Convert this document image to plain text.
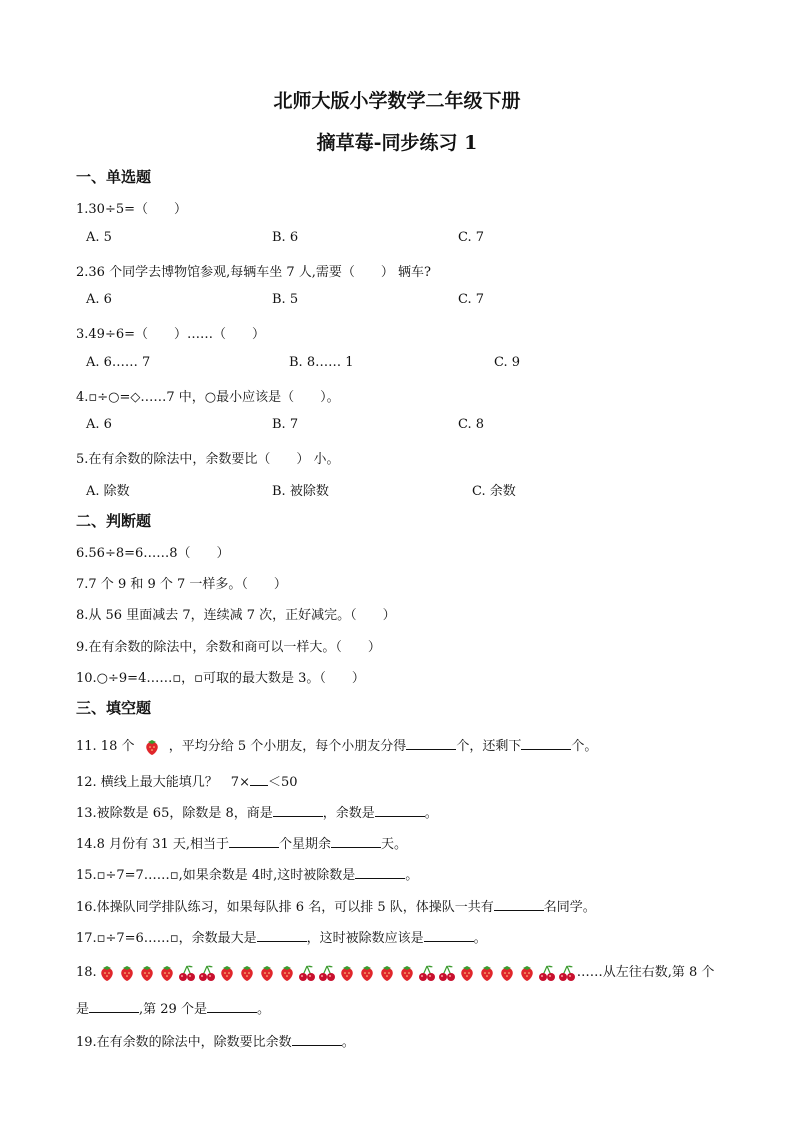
北师大版小学数学二年级下册
摘草莓-同步练习 1
一、单选题
1.30÷5=（　　）
A. 5	B. 6	C. 7
2.36 个同学去博物馆参观,每辆车坐 7 人,需要（　　） 辆车?
A. 6	B. 5	C. 7
3.49÷6=（　　）……（　　）
A. 6…… 7	B. 8…… 1	C. 9
4.▫÷○=◇……7 中，○最小应该是（　　）。
A. 6	B. 7	C. 8
5.在有余数的除法中，余数要比（　　） 小。
A. 除数	B. 被除数	C. 余数
二、判断题
6.56÷8=6……8（　　）
7.7 个 9 和 9 个 7 一样多。（　　）
8.从 56 里面减去 7，连续减 7 次，正好减完。（　　）
9.在有余数的除法中，余数和商可以一样大。（　　）
10.○÷9=4……▫，▫可取的最大数是 3。（　　）
三、填空题
11. 18 个	，平均分给 5 个小朋友，每个小朋友分得	个，还剩下	个。
12. 横线上最大能填几？　7× ＜50
13.被除数是 65，除数是 8，商是	，余数是	。
14.8 月份有 31 天,相当于	个星期余	天。
15.▫÷7=7……▫,如果余数是 4时,这时被除数是	。
16.体操队同学排队练习，如果每队排 6 名，可以排 5 队，体操队一共有	名同学。
17.▫÷7=6……▫，余数最大是	，这时被除数应该是	。
18.	……从左往右数,第 8 个
是	,第 29 个是	。
19.在有余数的除法中，除数要比余数	。
